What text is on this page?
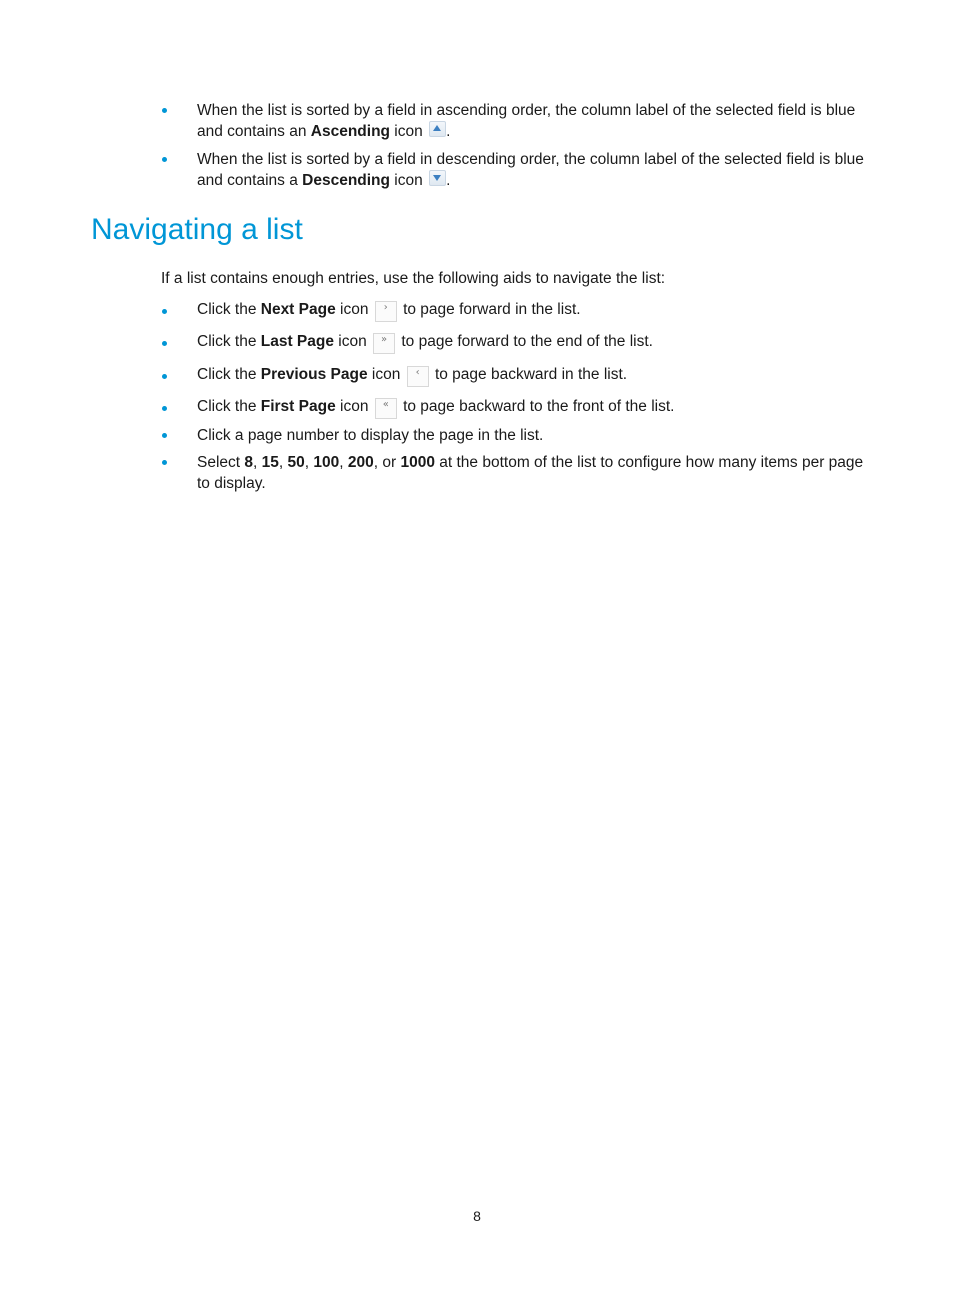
When the list is sorted by a field in ascending order, the column label of the selected field is blue and contains an Ascending icon .
When the list is sorted by a field in descending order, the column label of the selected field is blue and contains a Descending icon .
Navigating a list
If a list contains enough entries, use the following aids to navigate the list:
Click the Next Page icon › to page forward in the list.
Click the Last Page icon » to page forward to the end of the list.
Click the Previous Page icon ‹ to page backward in the list.
Click the First Page icon « to page backward to the front of the list.
Click a page number to display the page in the list.
Select 8, 15, 50, 100, 200, or 1000 at the bottom of the list to configure how many items per page to display.
8
